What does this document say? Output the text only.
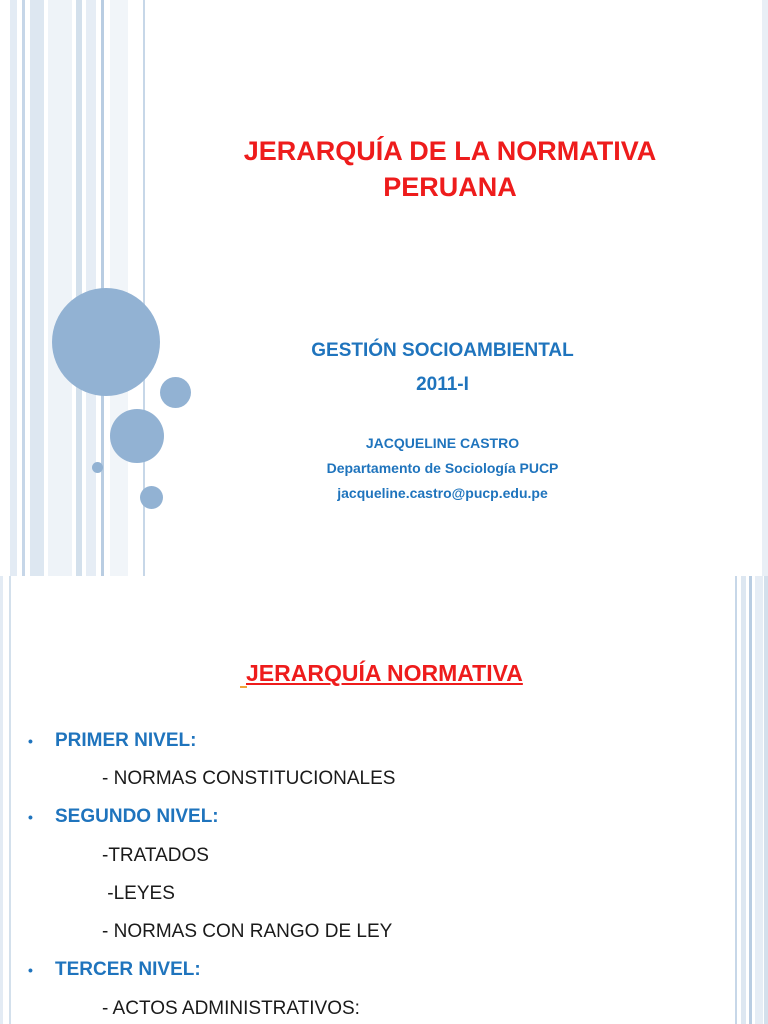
JERARQUÍA DE LA NORMATIVA
PERUANA
GESTIÓN SOCIOAMBIENTAL
2011-I
JACQUELINE CASTRO
Departamento de Sociología PUCP
jacqueline.castro@pucp.edu.pe
JERARQUÍA NORMATIVA
• PRIMER NIVEL:
- NORMAS CONSTITUCIONALES
• SEGUNDO NIVEL:
-TRATADOS
-LEYES
- NORMAS CON RANGO DE LEY
• TERCER NIVEL:
- ACTOS ADMINISTRATIVOS:
